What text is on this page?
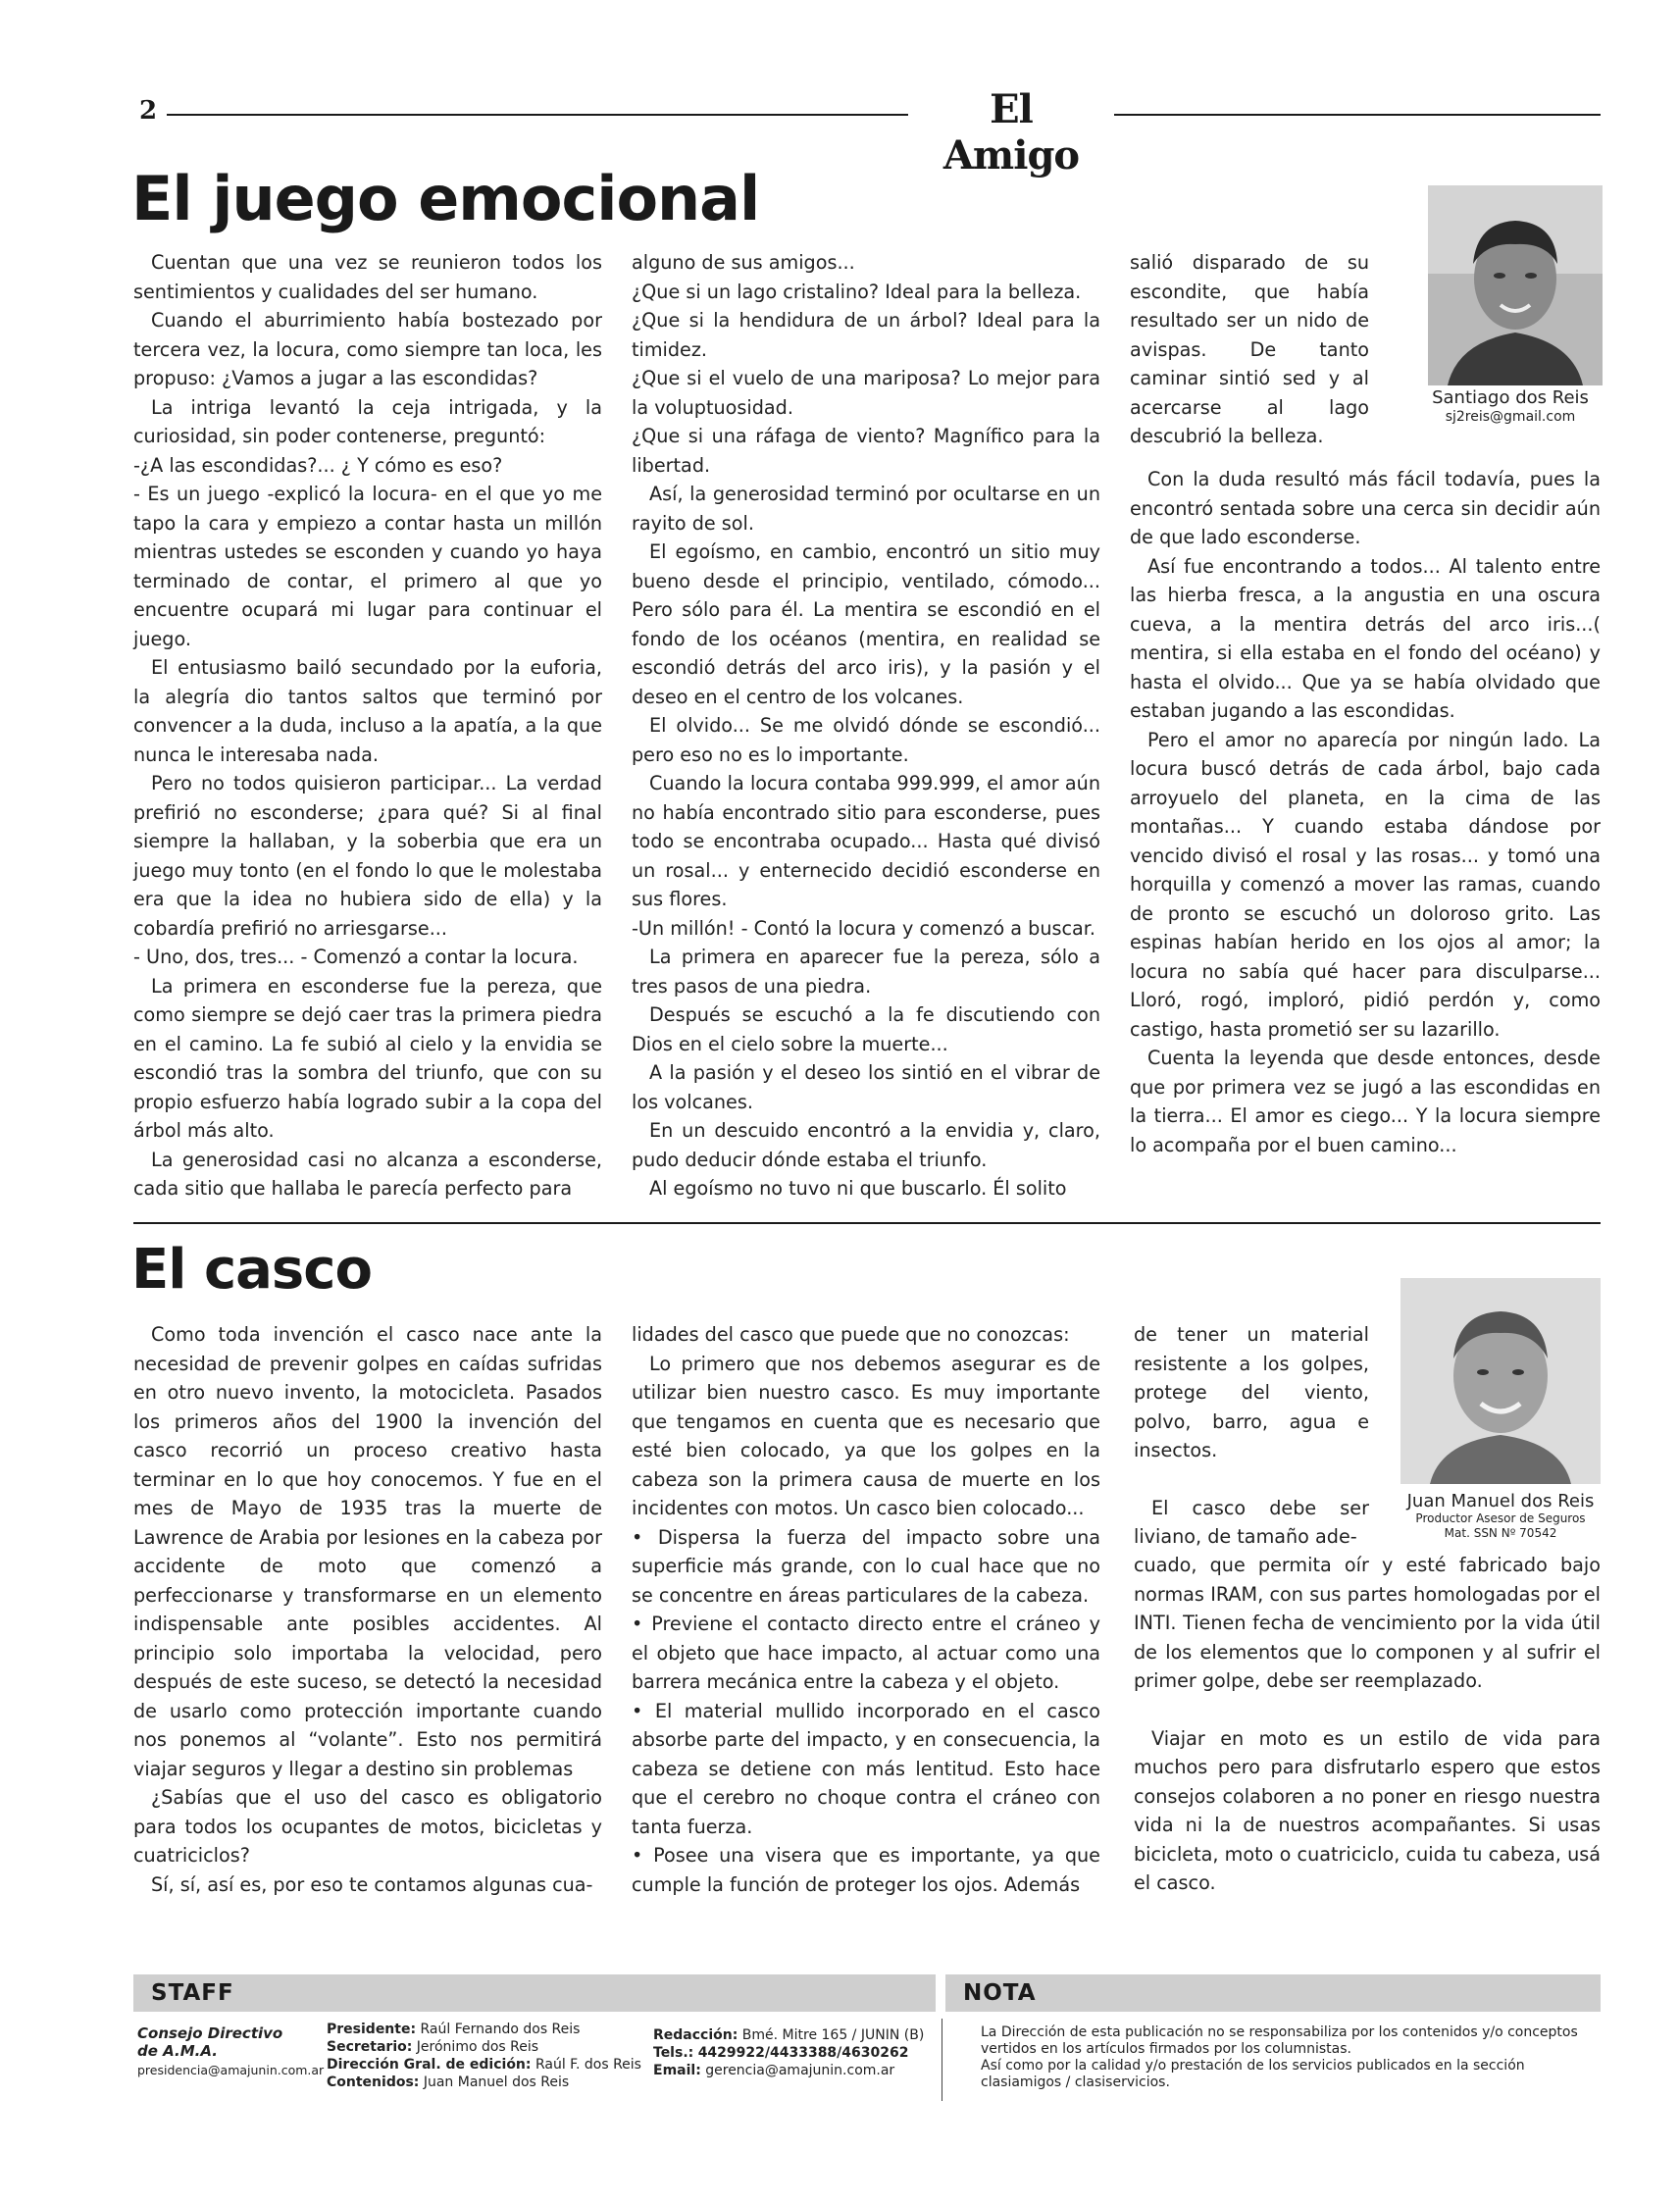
2	El Amigo
El juego emocional

Cuentan que una vez se reunieron todos los sentimientos y cualidades del ser humano.

Cuando el aburrimiento había bostezado por tercera vez, la locura, como siempre tan loca, les propuso: ¿Vamos a jugar a las escondidas?

La intriga levantó la ceja intrigada, y la curiosidad, sin poder contenerse, preguntó:

-¿A las escondidas?... ¿ Y cómo es eso?

- Es un juego -explicó la locura- en el que yo me tapo la cara y empiezo a contar hasta un millón mientras ustedes se esconden y cuando yo haya terminado de contar, el primero al que yo encuentre ocupará mi lugar para continuar el juego.

El entusiasmo bailó secundado por la euforia, la alegría dio tantos saltos que terminó por convencer a la duda, incluso a la apatía, a la que nunca le interesaba nada.

Pero no todos quisieron participar... La verdad prefirió no esconderse; ¿para qué? Si al final siempre la hallaban, y la soberbia que era un juego muy tonto (en el fondo lo que le molestaba era que la idea no hubiera sido de ella) y la cobardía prefirió no arriesgarse...

- Uno, dos, tres... - Comenzó a contar la locura.

La primera en esconderse fue la pereza, que como siempre se dejó caer tras la primera piedra en el camino. La fe subió al cielo y la envidia se escondió tras la sombra del triunfo, que con su propio esfuerzo había logrado subir a la copa del árbol más alto.

La generosidad casi no alcanza a esconderse, cada sitio que hallaba le parecía perfecto para

alguno de sus amigos...

¿Que si un lago cristalino? Ideal para la belleza.

¿Que si la hendidura de un árbol? Ideal para la timidez.

¿Que si el vuelo de una mariposa? Lo mejor para la voluptuosidad.

¿Que si una ráfaga de viento? Magnífico para la libertad.

Así, la generosidad terminó por ocultarse en un rayito de sol.

El egoísmo, en cambio, encontró un sitio muy bueno desde el principio, ventilado, cómodo... Pero sólo para él. La mentira se escondió en el fondo de los océanos (mentira, en realidad se escondió detrás del arco iris), y la pasión y el deseo en el centro de los volcanes.

El olvido... Se me olvidó dónde se escondió... pero eso no es lo importante.

Cuando la locura contaba 999.999, el amor aún no había encontrado sitio para esconderse, pues todo se encontraba ocupado... Hasta qué divisó un rosal... y enternecido decidió esconderse en sus flores.

-Un millón! - Contó la locura y comenzó a buscar.

La primera en aparecer fue la pereza, sólo a tres pasos de una piedra.

Después se escuchó a la fe discutiendo con Dios en el cielo sobre la muerte...

A la pasión y el deseo los sintió en el vibrar de los volcanes.

En un descuido encontró a la envidia y, claro, pudo deducir dónde estaba el triunfo.

Al egoísmo no tuvo ni que buscarlo. Él solito

salió disparado de su escondite, que había resultado ser un nido de avispas. De tanto caminar sintió sed y al acercarse al lago descubrió la belleza.

Santiago dos Reis
sj2reis@gmail.com

Con la duda resultó más fácil todavía, pues la encontró sentada sobre una cerca sin decidir aún de que lado esconderse.

Así fue encontrando a todos... Al talento entre las hierba fresca, a la angustia en una oscura cueva, a la mentira detrás del arco iris...( mentira, si ella estaba en el fondo del océano) y hasta el olvido... Que ya se había olvidado que estaban jugando a las escondidas.

Pero el amor no aparecía por ningún lado. La locura buscó detrás de cada árbol, bajo cada arroyuelo del planeta, en la cima de las montañas... Y cuando estaba dándose por vencido divisó el rosal y las rosas... y tomó una horquilla y comenzó a mover las ramas, cuando de pronto se escuchó un doloroso grito. Las espinas habían herido en los ojos al amor; la locura no sabía qué hacer para disculparse... Lloró, rogó, imploró, pidió perdón y, como castigo, hasta prometió ser su lazarillo.

Cuenta la leyenda que desde entonces, desde que por primera vez se jugó a las escondidas en la tierra... El amor es ciego... Y la locura siempre lo acompaña por el buen camino...

El casco

Como toda invención el casco nace ante la necesidad de prevenir golpes en caídas sufridas en otro nuevo invento, la motocicleta. Pasados los primeros años del 1900 la invención del casco recorrió un proceso creativo hasta terminar en lo que hoy conocemos. Y fue en el mes de Mayo de 1935 tras la muerte de Lawrence de Arabia por lesiones en la cabeza por accidente de moto que comenzó a perfeccionarse y transformarse en un elemento indispensable ante posibles accidentes. Al principio solo importaba la velocidad, pero después de este suceso, se detectó la necesidad de usarlo como protección importante cuando nos ponemos al “volante”. Esto nos permitirá viajar seguros y llegar a destino sin problemas

¿Sabías que el uso del casco es obligatorio para todos los ocupantes de motos, bicicletas y cuatriciclos?

Sí, sí, así es, por eso te contamos algunas cua-

lidades del casco que puede que no conozcas:

Lo primero que nos debemos asegurar es de utilizar bien nuestro casco. Es muy importante que tengamos en cuenta que es necesario que esté bien colocado, ya que los golpes en la cabeza son la primera causa de muerte en los incidentes con motos. Un casco bien colocado...

• Dispersa la fuerza del impacto sobre una superficie más grande, con lo cual hace que no se concentre en áreas particulares de la cabeza.

• Previene el contacto directo entre el cráneo y el objeto que hace impacto, al actuar como una barrera mecánica entre la cabeza y el objeto.

• El material mullido incorporado en el casco absorbe parte del impacto, y en consecuencia, la cabeza se detiene con más lentitud. Esto hace que el cerebro no choque contra el cráneo con tanta fuerza.

• Posee una visera que es importante, ya que cumple la función de proteger los ojos. Además

de tener un material resistente a los golpes, protege del viento, polvo, barro, agua e insectos.

El casco debe ser liviano, de tamaño ade-

Juan Manuel dos Reis
Productor Asesor de Seguros
Mat. SSN Nº 70542

cuado, que permita oír y esté fabricado bajo normas IRAM, con sus partes homologadas por el INTI. Tienen fecha de vencimiento por la vida útil de los elementos que lo componen y al sufrir el primer golpe, debe ser reemplazado.

Viajar en moto es un estilo de vida para muchos pero para disfrutarlo espero que estos consejos colaboren a no poner en riesgo nuestra vida ni la de nuestros acompañantes. Si usas bicicleta, moto o cuatriciclo, cuida tu cabeza, usá el casco.

STAFF	NOTA
Consejo Directivo
de A.M.A.
presidencia@amajunin.com.ar
Presidente: Raúl Fernando dos Reis
Secretario: Jerónimo dos Reis
Dirección Gral. de edición: Raúl F. dos Reis
Contenidos: Juan Manuel dos Reis
Redacción: Bmé. Mitre 165 / JUNIN (B)
Tels.: 4429922/4433388/4630262
Email: gerencia@amajunin.com.ar
La Dirección de esta publicación no se responsabiliza por los contenidos y/o conceptos vertidos en los artículos firmados por los columnistas.
Así como por la calidad y/o prestación de los servicios publicados en la sección clasiamigos / clasiservicios.
